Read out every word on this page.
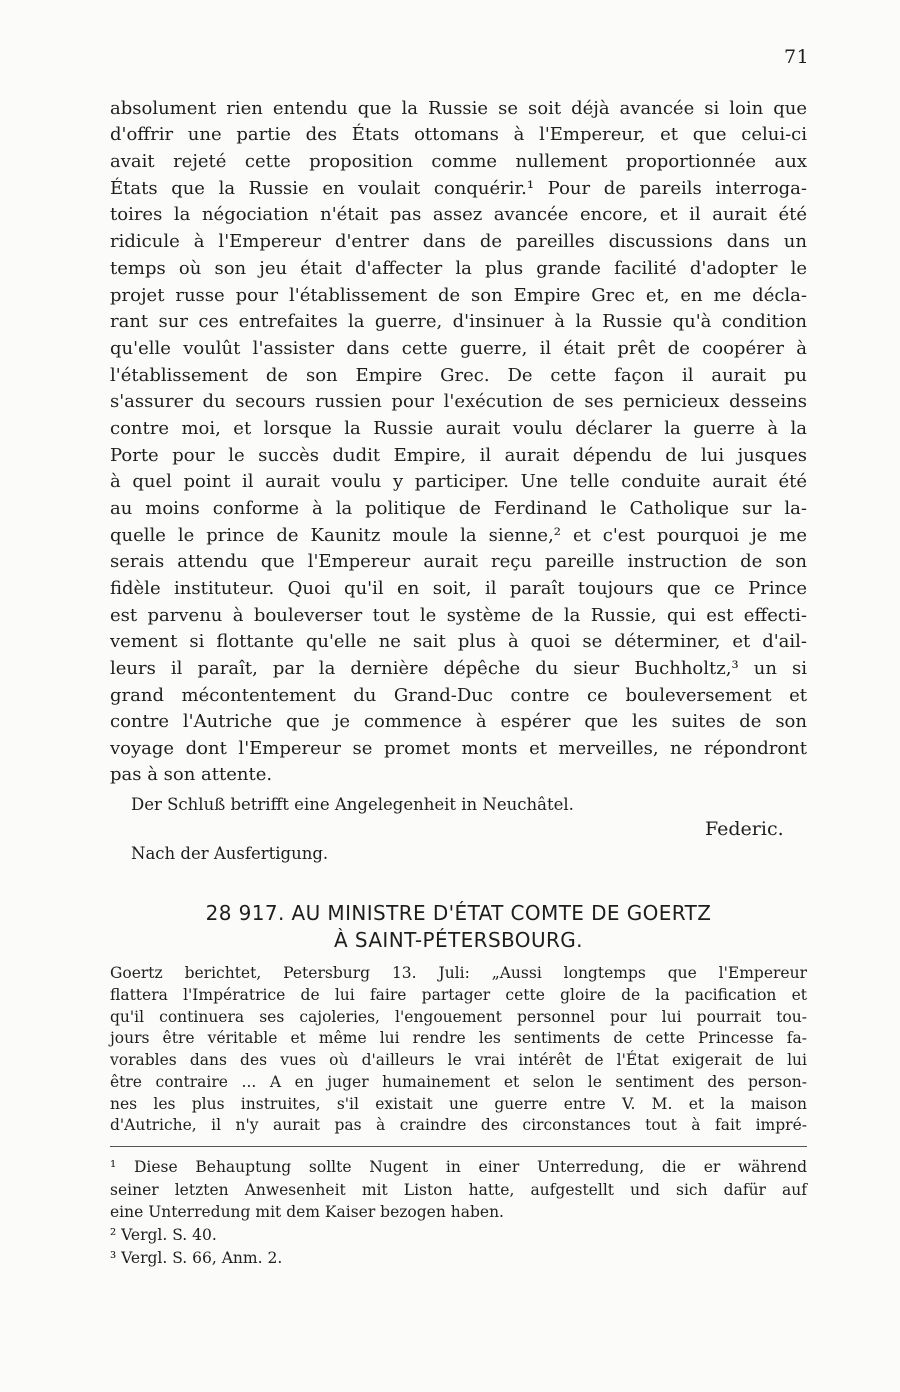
71
absolument rien entendu que la Russie se soit déjà avancée si loin que
d'offrir une partie des États ottomans à l'Empereur, et que celui-ci
avait rejeté cette proposition comme nullement proportionnée aux
États que la Russie en voulait conquérir.¹ Pour de pareils interroga-
toires la négociation n'était pas assez avancée encore, et il aurait été
ridicule à l'Empereur d'entrer dans de pareilles discussions dans un
temps où son jeu était d'affecter la plus grande facilité d'adopter le
projet russe pour l'établissement de son Empire Grec et, en me décla-
rant sur ces entrefaites la guerre, d'insinuer à la Russie qu'à condition
qu'elle voulût l'assister dans cette guerre, il était prêt de coopérer à
l'établissement de son Empire Grec. De cette façon il aurait pu
s'assurer du secours russien pour l'exécution de ses pernicieux desseins
contre moi, et lorsque la Russie aurait voulu déclarer la guerre à la
Porte pour le succès dudit Empire, il aurait dépendu de lui jusques
à quel point il aurait voulu y participer. Une telle conduite aurait été
au moins conforme à la politique de Ferdinand le Catholique sur la-
quelle le prince de Kaunitz moule la sienne,² et c'est pourquoi je me
serais attendu que l'Empereur aurait reçu pareille instruction de son
fidèle instituteur. Quoi qu'il en soit, il paraît toujours que ce Prince
est parvenu à bouleverser tout le système de la Russie, qui est effecti-
vement si flottante qu'elle ne sait plus à quoi se déterminer, et d'ail-
leurs il paraît, par la dernière dépêche du sieur Buchholtz,³ un si
grand mécontentement du Grand-Duc contre ce bouleversement et
contre l'Autriche que je commence à espérer que les suites de son
voyage dont l'Empereur se promet monts et merveilles, ne répondront
pas à son attente.
Der Schluß betrifft eine Angelegenheit in Neuchâtel.
Federic.
Nach der Ausfertigung.
28 917. AU MINISTRE D'ÉTAT COMTE DE GOERTZ
À SAINT-PÉTERSBOURG.
Goertz berichtet, Petersburg 13. Juli: „Aussi longtemps que l'Empereur
flattera l'Impératrice de lui faire partager cette gloire de la pacification et
qu'il continuera ses cajoleries, l'engouement personnel pour lui pourrait tou-
jours être véritable et même lui rendre les sentiments de cette Princesse fa-
vorables dans des vues où d'ailleurs le vrai intérêt de l'État exigerait de lui
être contraire ... A en juger humainement et selon le sentiment des person-
nes les plus instruites, s'il existait une guerre entre V. M. et la maison
d'Autriche, il n'y aurait pas à craindre des circonstances tout à fait impré-
¹ Diese Behauptung sollte Nugent in einer Unterredung, die er während
seiner letzten Anwesenheit mit Liston hatte, aufgestellt und sich dafür auf
eine Unterredung mit dem Kaiser bezogen haben.
² Vergl. S. 40.
³ Vergl. S. 66, Anm. 2.
